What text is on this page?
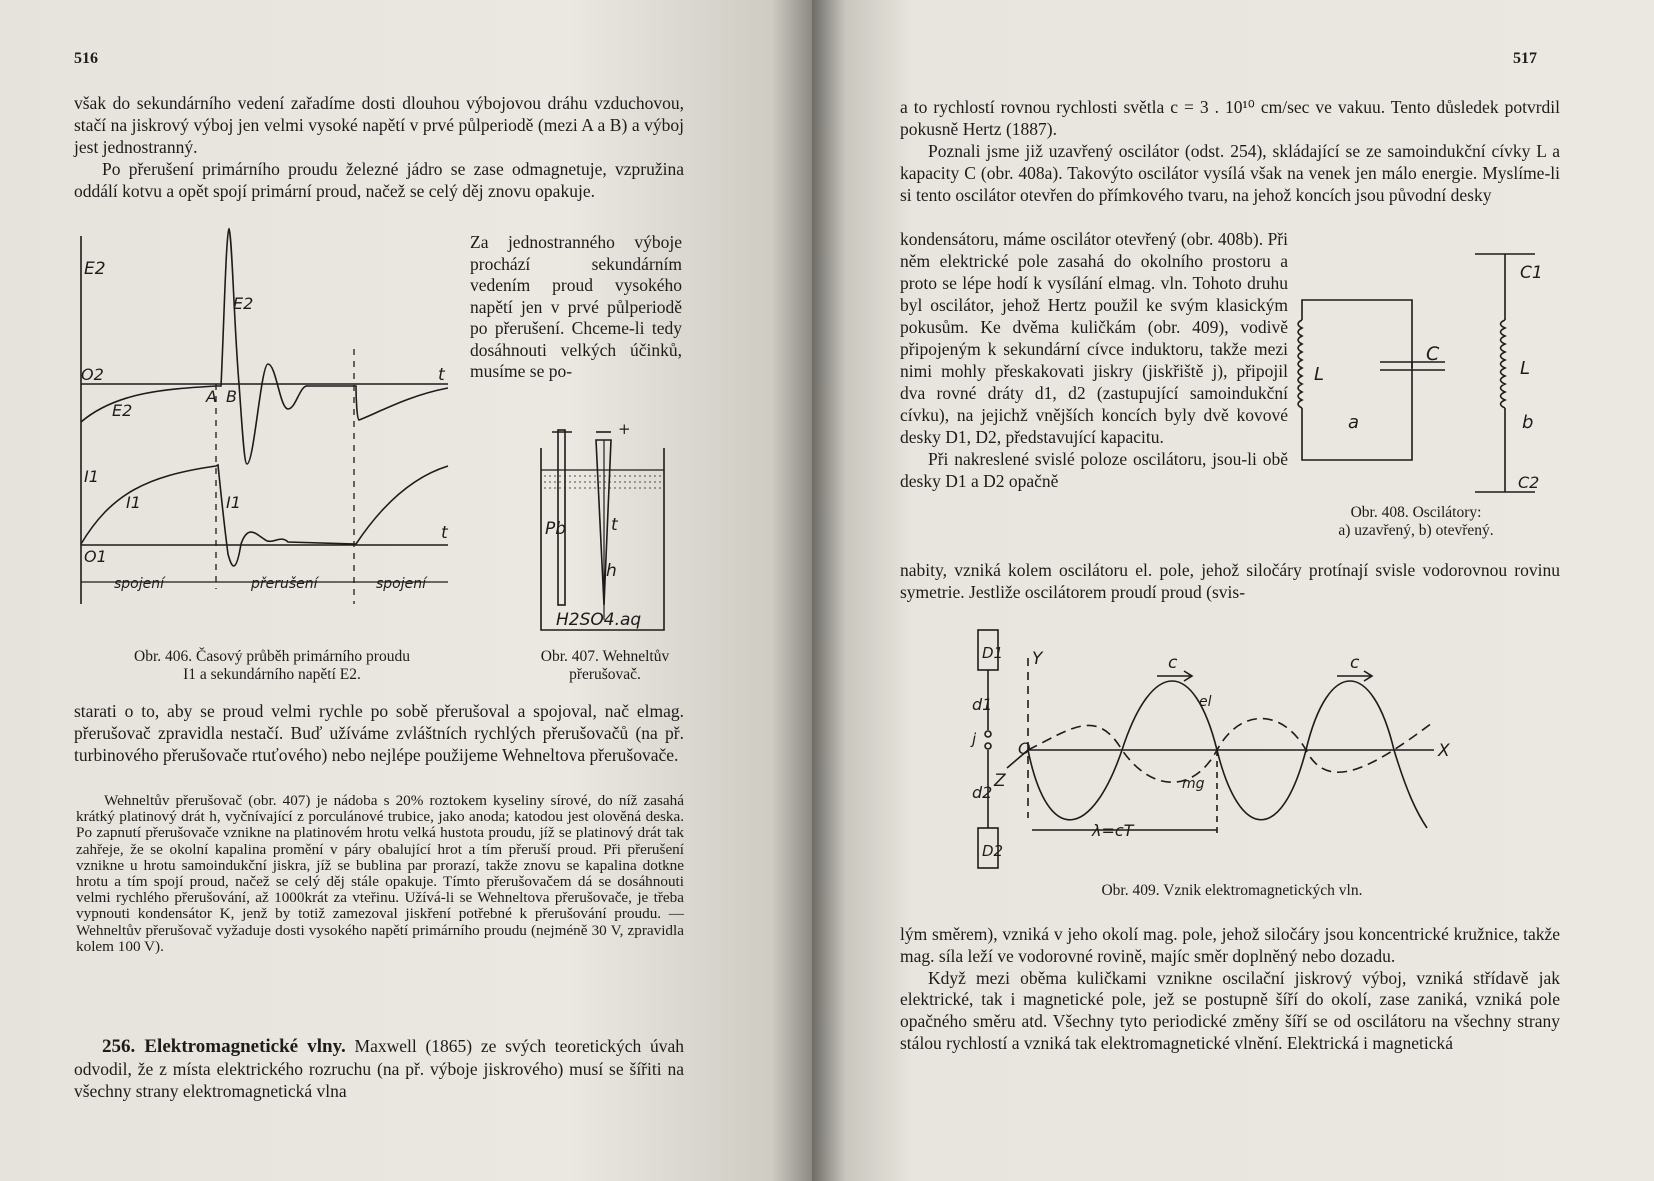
516

však do sekundárního vedení zařadíme dosti dlouhou výbojovou dráhu vzduchovou, stačí na jiskrový výboj jen velmi vysoké napětí v prvé půlperiodě (mezi A a B) a výboj jest jednostranný.

Po přerušení primárního proudu železné jádro se zase odmagnetuje, vzpružina oddálí kotvu a opět spojí primární proud, načež se celý děj znovu opakuje.

Za jednostranného výboje prochází sekundárním vedením proud vysokého napětí jen v prvé půlperiodě po přerušení. Chceme-li tedy dosáhnouti velkých účinků, musíme se po-
E2
O2
E2
E2
A B
t
I1
I1	I1
O1
t
spojení	přerušení	spojení
+
Pb	t
h
H2SO4.aq
Obr. 406. Časový průběh primárního proudu
I1 a sekundárního napětí E2.
Obr. 407. Wehneltův
přerušovač.

starati o to, aby se proud velmi rychle po sobě přerušoval a spojoval, nač elmag. přerušovač zpravidla nestačí. Buď užíváme zvláštních rychlých přerušovačů (na př. turbinového přerušovače rtuťového) nebo nejlépe použijeme Wehneltova přerušovače.

Wehneltův přerušovač (obr. 407) je nádoba s 20% roztokem kyseliny sírové, do níž zasahá krátký platinový drát h, vyčnívající z porculánové trubice, jako anoda; katodou jest olověná deska. Po zapnutí přerušovače vznikne na platinovém hrotu velká hustota proudu, jíž se platinový drát tak zahřeje, že se okolní kapalina promění v páry obalující hrot a tím přeruší proud. Při přerušení vznikne u hrotu samoindukční jiskra, jíž se bublina par prorazí, takže znovu se kapalina dotkne hrotu a tím spojí proud, načež se celý děj stále opakuje. Tímto přerušovačem dá se dosáhnouti velmi rychlého přerušování, až 1000krát za vteřinu. Užívá-li se Wehneltova přerušovače, je třeba vypnouti kondensátor K, jenž by totiž zamezoval jiskření potřebné k přerušování proudu. — Wehneltův přerušovač vyžaduje dosti vysokého napětí primárního proudu (nejméně 30 V, zpravidla kolem 100 V).

256. Elektromagnetické vlny. Maxwell (1865) ze svých teoretických úvah odvodil, že z místa elektrického rozruchu (na př. výboje jiskrového) musí se šířiti na všechny strany elektromagnetická vlna

517

a to rychlostí rovnou rychlosti světla c = 3 . 10¹⁰ cm/sec ve vakuu. Tento důsledek potvrdil pokusně Hertz (1887).

Poznali jsme již uzavřený oscilátor (odst. 254), skládající se ze samoindukční cívky L a kapacity C (obr. 408a). Takovýto oscilátor vysílá však na venek jen málo energie. Myslíme-li si tento oscilátor otevřen do přímkového tvaru, na jehož koncích jsou původní desky

kondensátoru, máme oscilátor otevřený (obr. 408b). Při něm elektrické pole zasahá do okolního prostoru a proto se lépe hodí k vysílání elmag. vln. Tohoto druhu byl oscilátor, jehož Hertz použil ke svým klasickým pokusům. Ke dvěma kuličkám (obr. 409), vodivě připojeným k sekundární cívce induktoru, takže mezi nimi mohly přeskakovati jiskry (jiskřiště j), připojil dva rovné dráty d1, d2 (zastupující samoindukční cívku), na jejichž vnějších koncích byly dvě kovové desky D1, D2, představující kapacitu.

Při nakreslené svislé poloze oscilátoru, jsou-li obě desky D1 a D2 opačně

C
L
a
C1
L
b
C2
Obr. 408. Oscilátory:
a) uzavřený, b) otevřený.

nabity, vzniká kolem oscilátoru el. pole, jehož siločáry protínají svisle vodorovnou rovinu symetrie. Jestliže oscilátorem proudí proud (svis-

D1
d1
j
d2
D2
Y
O	X
Z
c	c
el
mg
λ=cT
Obr. 409. Vznik elektromagnetických vln.

lým směrem), vzniká v jeho okolí mag. pole, jehož siločáry jsou koncentrické kružnice, takže mag. síla leží ve vodorovné rovině, majíc směr doplněný nebo dozadu.

Když mezi oběma kuličkami vznikne oscilační jiskrový výboj, vzniká střídavě jak elektrické, tak i magnetické pole, jež se postupně šíří do okolí, zase zaniká, vzniká pole opačného směru atd. Všechny tyto periodické změny šíří se od oscilátoru na všechny strany stálou rychlostí a vzniká tak elektromagnetické vlnění. Elektrická i magnetická
